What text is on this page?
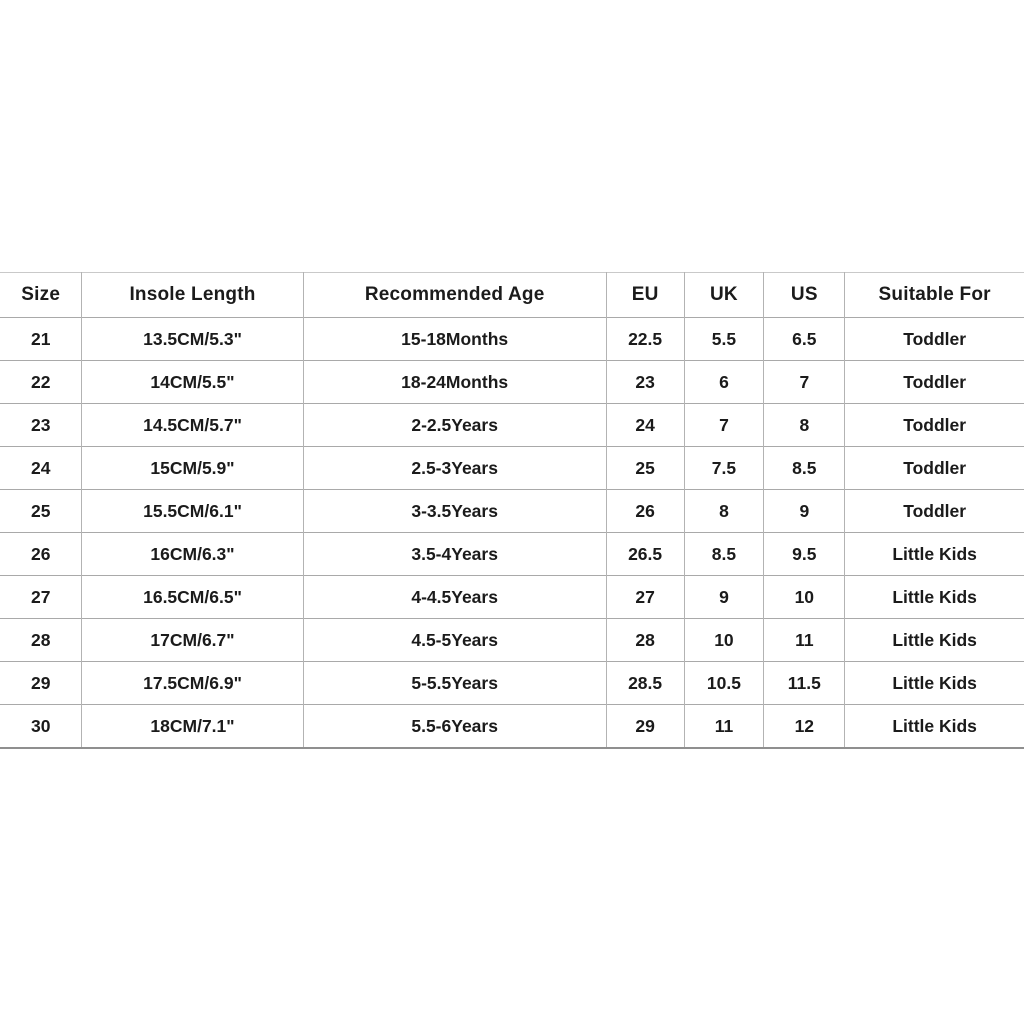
Size	Insole Length	Recommended Age	EU	UK	US	Suitable For
21	13.5CM/5.3"	15-18Months	22.5	5.5	6.5	Toddler
22	14CM/5.5"	18-24Months	23	6	7	Toddler
23	14.5CM/5.7"	2-2.5Years	24	7	8	Toddler
24	15CM/5.9"	2.5-3Years	25	7.5	8.5	Toddler
25	15.5CM/6.1"	3-3.5Years	26	8	9	Toddler
26	16CM/6.3"	3.5-4Years	26.5	8.5	9.5	Little Kids
27	16.5CM/6.5"	4-4.5Years	27	9	10	Little Kids
28	17CM/6.7"	4.5-5Years	28	10	11	Little Kids
29	17.5CM/6.9"	5-5.5Years	28.5	10.5	11.5	Little Kids
30	18CM/7.1"	5.5-6Years	29	11	12	Little Kids
